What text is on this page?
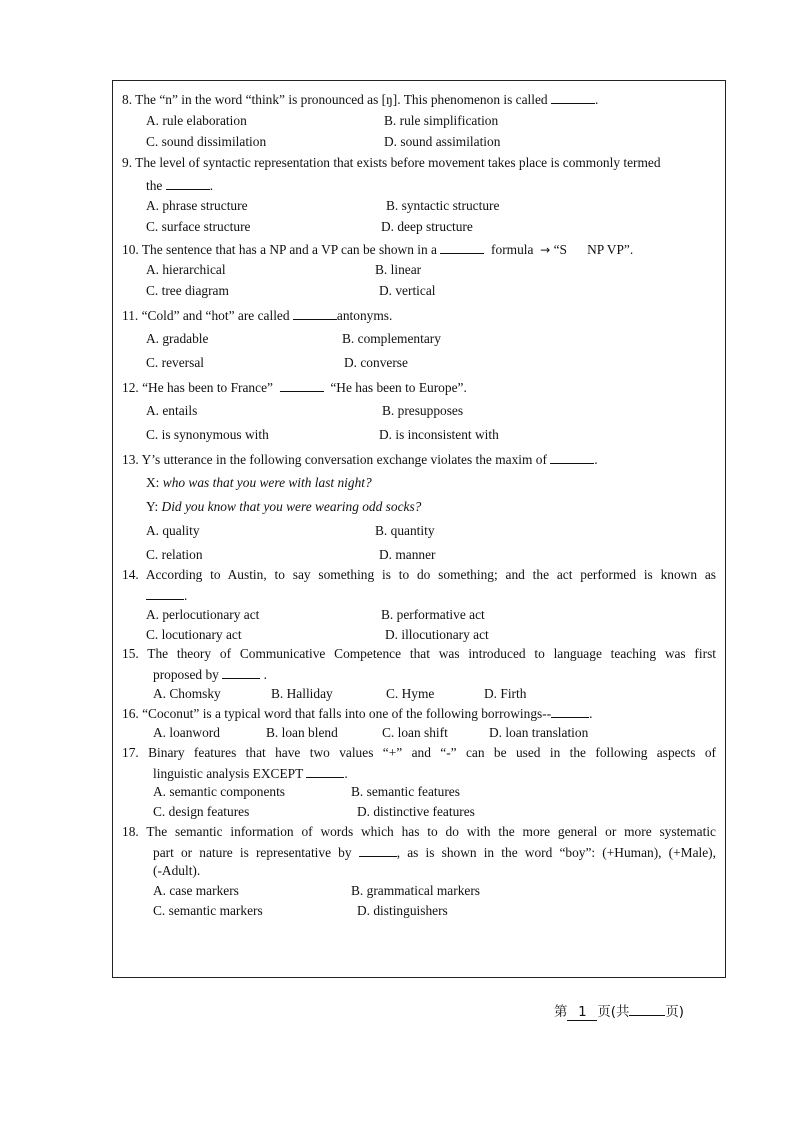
8. The “n” in the word “think” is pronounced as [ŋ]. This phenomenon is called	.
A. rule elaboration	B. rule simplification
C. sound dissimilation	D. sound assimilation
9. The level of syntactic representation that exists before movement takes place is commonly termed
the	.
A. phrase structure	B. syntactic structure
C. surface structure	D. deep structure
10. The sentence that has a NP and a VP can be shown in a	formula → “S NP VP”.
A. hierarchical	B. linear
C. tree diagram	D. vertical
11. “Cold” and “hot” are called	antonyms.
A. gradable	B. complementary
C. reversal	D. converse
12. “He has been to France”	“He has been to Europe”.
A. entails	B. presupposes
C. is synonymous with	D. is inconsistent with
13. Y’s utterance in the following conversation exchange violates the maxim of	.
X: who was that you were with last night?
Y: Did you know that you were wearing odd socks?
A. quality	B. quantity
C. relation	D. manner
14. According to Austin, to say something is to do something; and the act performed is known as
.
A. perlocutionary act	B. performative act
C. locutionary act	D. illocutionary act
15. The theory of Communicative Competence that was introduced to language teaching was first
proposed by	.
A. Chomsky	B. Halliday	C. Hyme	D. Firth
16. “Coconut” is a typical word that falls into one of the following borrowings--	.
A. loanword	B. loan blend	C. loan shift	D. loan translation
17. Binary features that have two values “+” and “-” can be used in the following aspects of
linguistic analysis EXCEPT	.
A. semantic components	B. semantic features
C. design features	D. distinctive features
18. The semantic information of words which has to do with the more general or more systematic
part or nature is representative by	, as is shown in the word “boy”: (+Human), (+Male),
(-Adult).
A. case markers	B. grammatical markers
C. semantic markers	D. distinguishers
第 1 页(共	页)
